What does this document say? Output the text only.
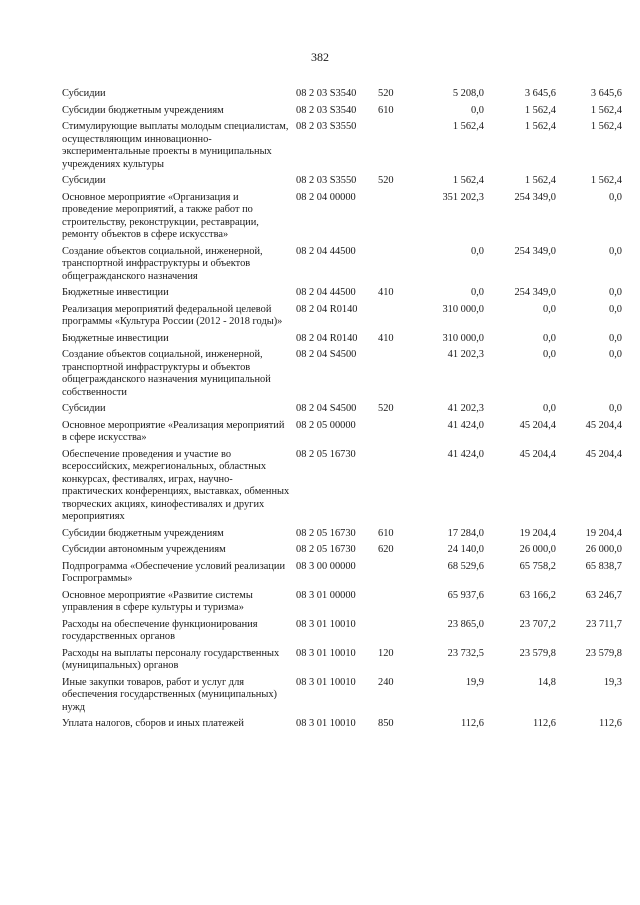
382
Субсидии	08 2 03 S3540	520	5 208,0	3 645,6	3 645,6
Субсидии бюджетным учреждениям	08 2 03 S3540	610	0,0	1 562,4	1 562,4
Стимулирующие выплаты молодым специалистам, осуществляющим инновационно-экспериментальные проекты в муниципальных учреждениях культуры	08 2 03 S3550		1 562,4	1 562,4	1 562,4
Субсидии	08 2 03 S3550	520	1 562,4	1 562,4	1 562,4
Основное мероприятие «Организация и проведение мероприятий, а также работ по строительству, реконструкции, реставрации, ремонту объектов в сфере искусства»	08 2 04 00000		351 202,3	254 349,0	0,0
Создание объектов социальной, инженерной, транспортной инфраструктуры и объектов общегражданского назначения	08 2 04 44500		0,0	254 349,0	0,0
Бюджетные инвестиции	08 2 04 44500	410	0,0	254 349,0	0,0
Реализация мероприятий федеральной целевой программы «Культура России (2012 - 2018 годы)»	08 2 04 R0140		310 000,0	0,0	0,0
Бюджетные инвестиции	08 2 04 R0140	410	310 000,0	0,0	0,0
Создание объектов социальной, инженерной, транспортной инфраструктуры и объектов общегражданского назначения муниципальной собственности	08 2 04 S4500		41 202,3	0,0	0,0
Субсидии	08 2 04 S4500	520	41 202,3	0,0	0,0
Основное мероприятие «Реализация мероприятий в сфере искусства»	08 2 05 00000		41 424,0	45 204,4	45 204,4
Обеспечение проведения и участие во всероссийских, межрегиональных, областных конкурсах, фестивалях, играх, научно-практических конференциях, выставках, обменных творческих акциях, кинофестивалях и других мероприятиях	08 2 05 16730		41 424,0	45 204,4	45 204,4
Субсидии бюджетным учреждениям	08 2 05 16730	610	17 284,0	19 204,4	19 204,4
Субсидии автономным учреждениям	08 2 05 16730	620	24 140,0	26 000,0	26 000,0
Подпрограмма «Обеспечение условий реализации Госпрограммы»	08 3 00 00000		68 529,6	65 758,2	65 838,7
Основное мероприятие «Развитие системы управления в сфере культуры и туризма»	08 3 01 00000		65 937,6	63 166,2	63 246,7
Расходы на обеспечение функционирования государственных органов	08 3 01 10010		23 865,0	23 707,2	23 711,7
Расходы на выплаты персоналу государственных (муниципальных) органов	08 3 01 10010	120	23 732,5	23 579,8	23 579,8
Иные закупки товаров, работ и услуг для обеспечения государственных (муниципальных) нужд	08 3 01 10010	240	19,9	14,8	19,3
Уплата налогов, сборов и иных платежей	08 3 01 10010	850	112,6	112,6	112,6
